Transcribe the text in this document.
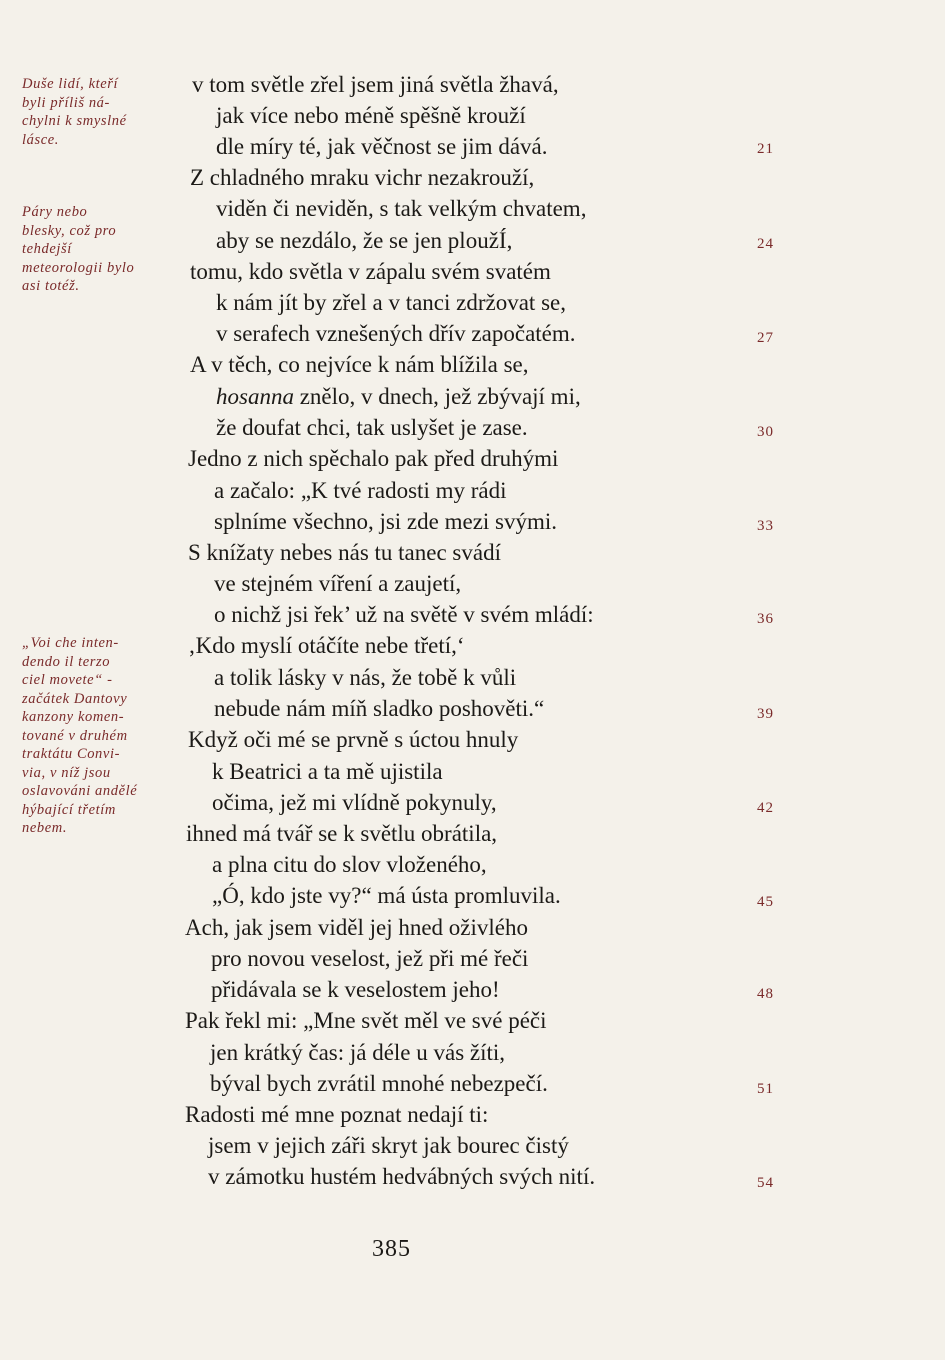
Duše lidí, kteří
byli příliš ná-
chylni k smyslné
lásce.
Páry nebo
blesky, což pro
tehdejší
meteorologii bylo
asi totéž.
„Voi che inten-
dendo il terzo
ciel movete“ -
začátek Dantovy
kanzony komen-
tované v druhém
traktátu Convi-
via, v níž jsou
oslavováni andělé
hýbající třetím
nebem.
v tom světle zřel jsem jiná světla žhavá,
jak více nebo méně spěšně krouží
dle míry té, jak věčnost se jim dává.
Z chladného mraku vichr nezakrouží,
viděn či neviděn, s tak velkým chvatem,
aby se nezdálo, že se jen ploužÍ,
tomu, kdo světla v zápalu svém svatém
k nám jít by zřel a v tanci zdržovat se,
v serafech vznešených dřív započatém.
A v těch, co nejvíce k nám blížila se,
hosanna znělo, v dnech, jež zbývají mi,
že doufat chci, tak uslyšet je zase.
Jedno z nich spěchalo pak před druhými
a začalo: „K tvé radosti my rádi
splníme všechno, jsi zde mezi svými.
S knížaty nebes nás tu tanec svádí
ve stejném víření a zaujetí,
o nichž jsi řek’ už na světě v svém mládí:
‚Kdo myslí otáčíte nebe třetí,‘
a tolik lásky v nás, že tobě k vůli
nebude nám míň sladko poshověti.“
Když oči mé se prvně s úctou hnuly
k Beatrici a ta mě ujistila
očima, jež mi vlídně pokynuly,
ihned má tvář se k světlu obrátila,
a plna citu do slov vloženého,
„Ó, kdo jste vy?“ má ústa promluvila.
Ach, jak jsem viděl jej hned oživlého
pro novou veselost, jež při mé řeči
přidávala se k veselostem jeho!
Pak řekl mi: „Mne svět měl ve své péči
jen krátký čas: já déle u vás žíti,
býval bych zvrátil mnohé nebezpečí.
Radosti mé mne poznat nedají ti:
jsem v jejich záři skryt jak bourec čistý
v zámotku hustém hedvábných svých nití.
21
24
27
30
33
36
39
42
45
48
51
54
385
